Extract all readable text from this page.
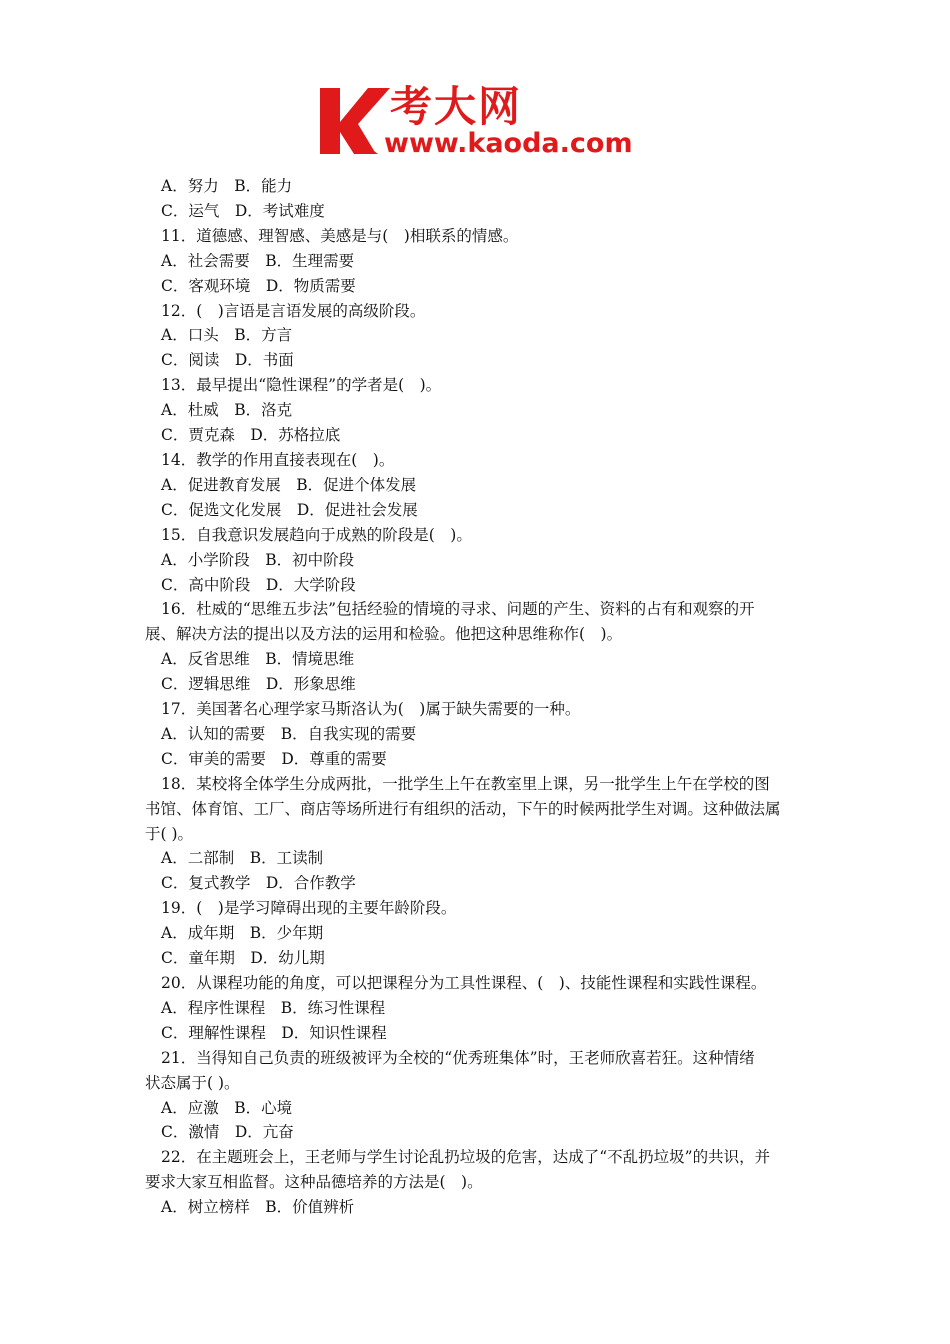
考大网
www.kaoda.com

A．努力　B．能力

C．运气　D．考试难度

11．道德感、理智感、美感是与(　)相联系的情感。

A．社会需要　B．生理需要

C．客观环境　D．物质需要

12．(　)言语是言语发展的高级阶段。

A．口头　B．方言

C．阅读　D．书面

13．最早提出“隐性课程”的学者是(　)。

A．杜威　B．洛克

C．贾克森　D．苏格拉底

14．教学的作用直接表现在(　)。

A．促进教育发展　B．促进个体发展

C．促选文化发展　D．促进社会发展

15．自我意识发展趋向于成熟的阶段是(　)。

A．小学阶段　B．初中阶段

C．高中阶段　D．大学阶段

16．杜威的“思维五步法”包括经验的情境的寻求、问题的产生、资料的占有和观察的开

展、解决方法的提出以及方法的运用和检验。他把这种思维称作(　)。

A．反省思维　B．情境思维

C．逻辑思维　D．形象思维

17．美国著名心理学家马斯洛认为(　)属于缺失需要的一种。

A．认知的需要　B．自我实现的需要

C．审美的需要　D．尊重的需要

18．某校将全体学生分成两批，一批学生上午在教室里上课，另一批学生上午在学校的图

书馆、体育馆、工厂、商店等场所进行有组织的活动，下午的时候两批学生对调。这种做法属

于( )。

A．二部制　B．工读制

C．复式教学　D．合作教学

19．(　)是学习障碍出现的主要年龄阶段。

A．成年期　B．少年期

C．童年期　D．幼儿期

20．从课程功能的角度，可以把课程分为工具性课程、(　)、技能性课程和实践性课程。

A．程序性课程　B．练习性课程

C．理解性课程　D．知识性课程

21．当得知自己负责的班级被评为全校的“优秀班集体”时，王老师欣喜若狂。这种情绪

状态属于( )。

A．应激　B．心境

C．激情　D．亢奋

22．在主题班会上，王老师与学生讨论乱扔垃圾的危害，达成了“不乱扔垃圾”的共识，并

要求大家互相监督。这种品德培养的方法是(　)。

A．树立榜样　B．价值辨析
